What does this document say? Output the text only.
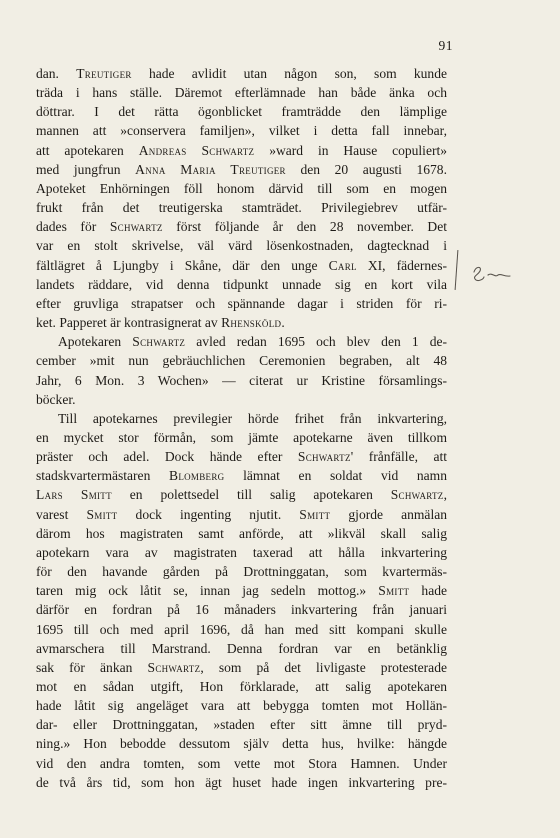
91

dan. Treutiger hade avlidit utan någon son, som kunde
träda i hans ställe. Däremot efterlämnade han både änka och
döttrar. I det rätta ögonblicket framträdde den lämplige
mannen att »conservera familjen», vilket i detta fall innebar,
att apotekaren Andreas Schwartz »ward in Hause copuliert»
med jungfrun Anna Maria Treutiger den 20 augusti 1678.
Apoteket Enhörningen föll honom därvid till som en mogen
frukt från det treutigerska stamträdet. Privilegiebrev utfär-
dades för Schwartz först följande år den 28 november. Det
var en stolt skrivelse, väl värd lösenkostnaden, dagtecknad i
fältlägret å Ljungby i Skåne, där den unge Carl XI, fädernes-
landets räddare, vid denna tidpunkt unnade sig en kort vila
efter gruvliga strapatser och spännande dagar i striden för ri-
ket. Papperet är kontrasignerat av Rhensköld.
Apotekaren Schwartz avled redan 1695 och blev den 1 de-
cember »mit nun gebräuchlichen Ceremonien begraben, alt 48
Jahr, 6 Mon. 3 Wochen» — citerat ur Kristine församlings-
böcker.
Till apotekarnes previlegier hörde frihet från inkvartering,
en mycket stor förmån, som jämte apotekarne även tillkom
präster och adel. Dock hände efter Schwartz' frånfälle, att
stadskvartermästaren Blomberg lämnat en soldat vid namn
Lars Smitt en polettsedel till salig apotekaren Schwartz,
varest Smitt dock ingenting njutit. Smitt gjorde anmälan
därom hos magistraten samt anförde, att »likväl skall salig
apotekarn vara av magistraten taxerad att hålla inkvartering
för den havande gården på Drottninggatan, som kvartermäs-
taren mig ock låtit se, innan jag sedeln mottog.» Smitt hade
därför en fordran på 16 månaders inkvartering från januari
1695 till och med april 1696, då han med sitt kompani skulle
avmarschera till Marstrand. Denna fordran var en betänklig
sak för änkan Schwartz, som på det livligaste protesterade
mot en sådan utgift, Hon förklarade, att salig apotekaren
hade låtit sig angeläget vara att bebygga tomten mot Hollän-
dar- eller Drottninggatan, »staden efter sitt ämne till pryd-
ning.» Hon bebodde dessutom själv detta hus, hvilke: hängde
vid den andra tomten, som vette mot Stora Hamnen. Under
de två års tid, som hon ägt huset hade ingen inkvartering pre-
